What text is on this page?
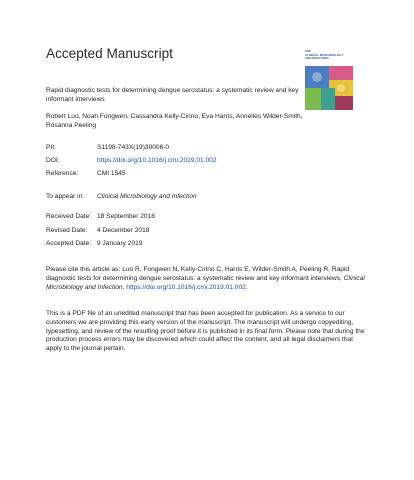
Accepted Manuscript	CMI
CLINICAL MICROBIOLOGY
AND INFECTION
Rapid diagnostic tests for determining dengue serostatus: a systematic review and key informant interviews
Robert Luo, Noah Fongwen, Cassandra Kelly-Cirino, Eva Harris, Annelies Wilder-Smith, Rosanna Peeling
PII:	S1198-743X(19)30006-0
DOI:	https://doi.org/10.1016/j.cmi.2019.01.002
Reference:	CMI 1545
To appear in: Clinical Microbiology and Infection
Received Date: 18 September 2018
Revised Date: 4 December 2018
Accepted Date: 9 January 2019
Please cite this article as: Luo R, Fongwen N, Kelly-Cirino C, Harris E, Wilder-Smith A, Peeling R, Rapid diagnostic tests for determining dengue serostatus: a systematic review and key informant interviews, Clinical Microbiology and Infection, https://doi.org/10.1016/j.cmi.2019.01.002.
This is a PDF file of an unedited manuscript that has been accepted for publication. As a service to our customers we are providing this early version of the manuscript. The manuscript will undergo copyediting, typesetting, and review of the resulting proof before it is published in its final form. Please note that during the production process errors may be discovered which could affect the content, and all legal disclaimers that apply to the journal pertain.
